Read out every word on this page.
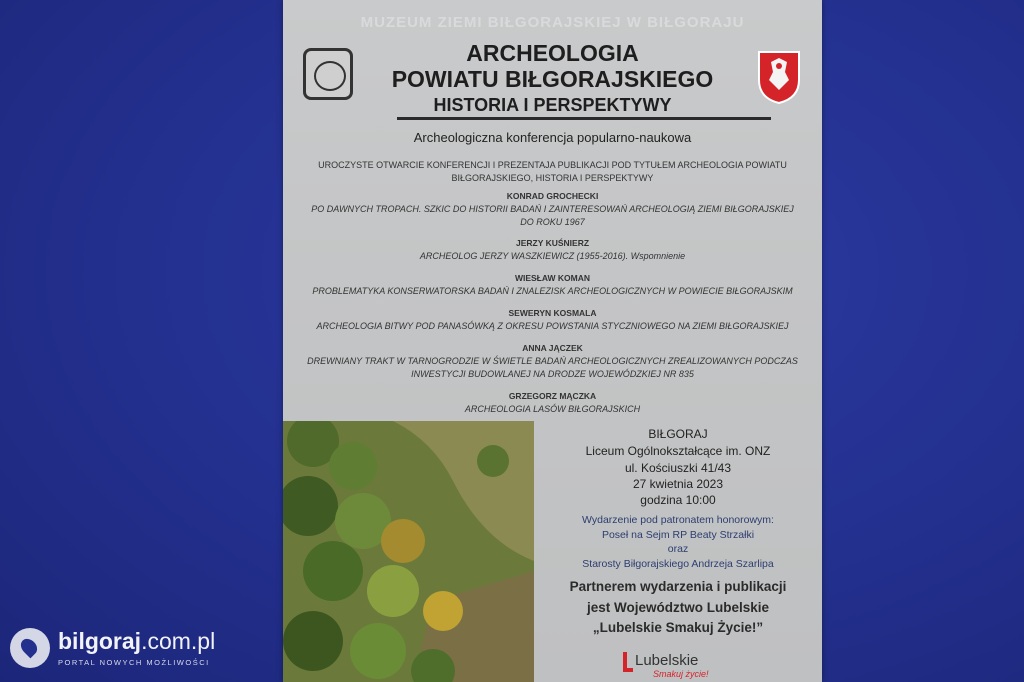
MUZEUM ZIEMI BIŁGORAJSKIEJ W BIŁGORAJU
ARCHEOLOGIA
POWIATU BIŁGORAJSKIEGO
HISTORIA I PERSPEKTYWY
Archeologiczna konferencja popularno-naukowa
UROCZYSTE OTWARCIE KONFERENCJI I PREZENTAJA PUBLIKACJI POD TYTUŁEM ARCHEOLOGIA POWIATU
BIŁGORAJSKIEGO, HISTORIA I PERSPEKTYWY
KONRAD GROCHECKI
PO DAWNYCH TROPACH. SZKIC DO HISTORII BADAŃ I ZAINTERESOWAŃ ARCHEOLOGIĄ ZIEMI BIŁGORAJSKIEJ
DO ROKU 1967
JERZY KUŚNIERZ
ARCHEOLOG JERZY WASZKIEWICZ (1955-2016). Wspomnienie
WIESŁAW KOMAN
PROBLEMATYKA KONSERWATORSKA BADAŃ I ZNALEZISK ARCHEOLOGICZNYCH W POWIECIE BIŁGORAJSKIM
SEWERYN KOSMALA
ARCHEOLOGIA BITWY POD PANASÓWKĄ Z OKRESU POWSTANIA STYCZNIOWEGO NA ZIEMI BIŁGORAJSKIEJ
ANNA JĄCZEK
DREWNIANY TRAKT W TARNOGRODZIE W ŚWIETLE BADAŃ ARCHEOLOGICZNYCH ZREALIZOWANYCH PODCZAS
INWESTYCJI BUDOWLANEJ NA DRODZE WOJEWÓDZKIEJ NR 835
GRZEGORZ MĄCZKA
ARCHEOLOGIA LASÓW BIŁGORAJSKICH
BIŁGORAJ
Liceum Ogólnokształcące im. ONZ
ul. Kościuszki 41/43
27 kwietnia 2023
godzina 10:00
Wydarzenie pod patronatem honorowym:
Poseł na Sejm RP Beaty Strzałki
oraz
Starosty Biłgorajskiego Andrzeja Szarlipa
Partnerem wydarzenia i publikacji
jest Województwo Lubelskie
„Lubelskie Smakuj Życie!”
Lubelskie
Smakuj życie!
bilgoraj.com.pl
PORTAL NOWYCH MOŻLIWOŚCI
